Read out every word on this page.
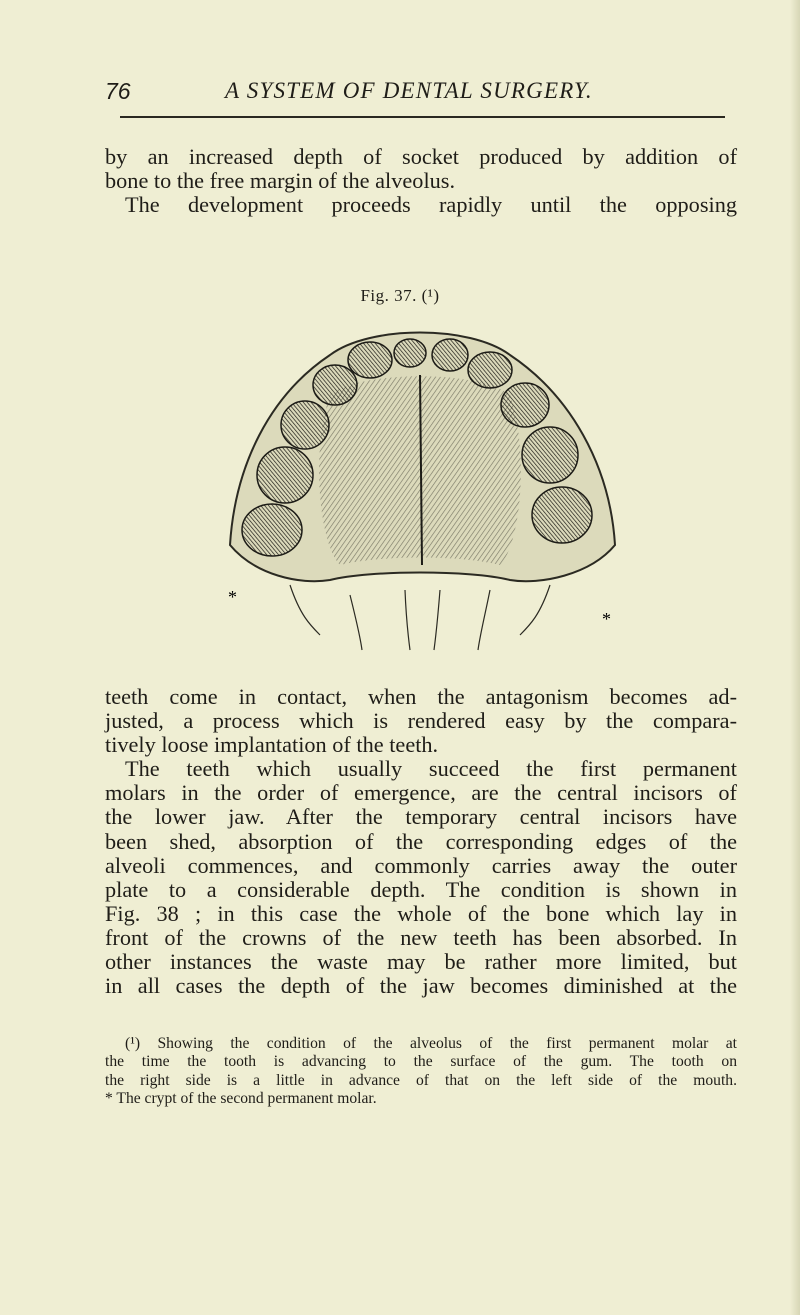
76	A SYSTEM OF DENTAL SURGERY.

by an increased depth of socket produced by addition of
bone to the free margin of the alveolus.
The development proceeds rapidly until the opposing

Fig. 37. (¹)
*
*

teeth come in contact, when the antagonism becomes ad-
justed, a process which is rendered easy by the compara-
tively loose implantation of the teeth.
The teeth which usually succeed the first permanent
molars in the order of emergence, are the central incisors of
the lower jaw. After the temporary central incisors have
been shed, absorption of the corresponding edges of the
alveoli commences, and commonly carries away the outer
plate to a considerable depth. The condition is shown in
Fig. 38 ; in this case the whole of the bone which lay in
front of the crowns of the new teeth has been absorbed. In
other instances the waste may be rather more limited, but
in all cases the depth of the jaw becomes diminished at the

(¹) Showing the condition of the alveolus of the first permanent molar at
the time the tooth is advancing to the surface of the gum. The tooth on
the right side is a little in advance of that on the left side of the mouth.
* The crypt of the second permanent molar.
